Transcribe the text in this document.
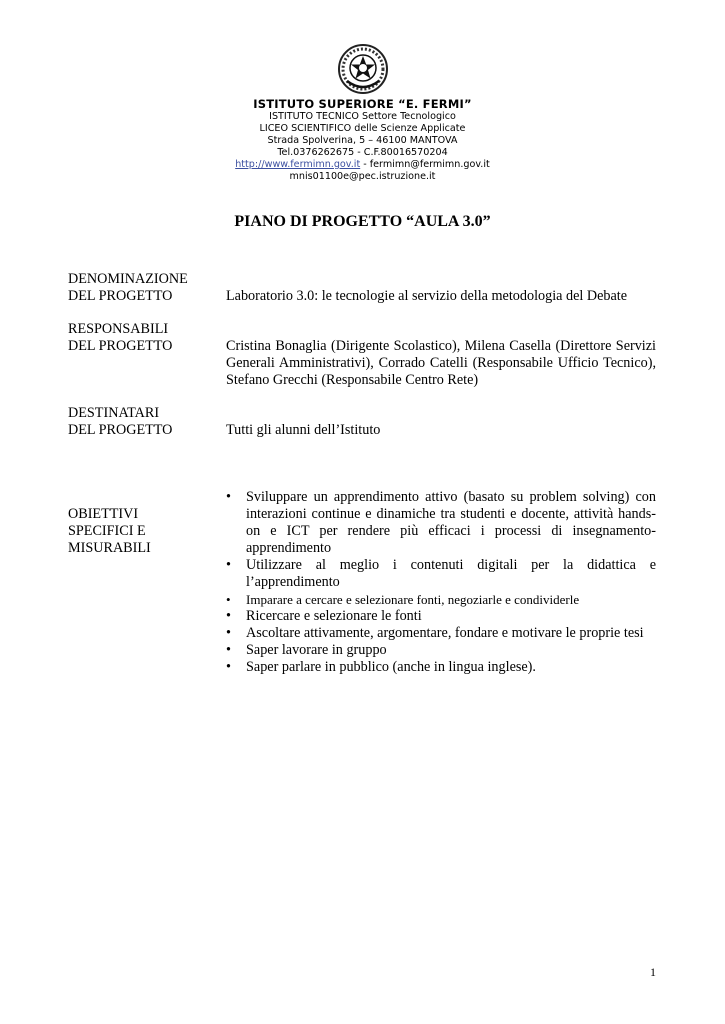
ISTITUTO SUPERIORE “E. FERMI”
ISTITUTO TECNICO Settore Tecnologico
LICEO SCIENTIFICO delle Scienze Applicate
Strada Spolverina, 5 – 46100 MANTOVA
Tel.0376262675 - C.F.80016570204
http://www.fermimn.gov.it - fermimn@fermimn.gov.it
mnis01100e@pec.istruzione.it
PIANO DI PROGETTO “AULA 3.0”
DENOMINAZIONE
DEL PROGETTO	Laboratorio 3.0: le tecnologie al servizio della metodologia del Debate
RESPONSABILI
DEL PROGETTO	Cristina Bonaglia (Dirigente Scolastico), Milena Casella (Direttore Servizi Generali Amministrativi), Corrado Catelli (Responsabile Ufficio Tecnico), Stefano Grecchi (Responsabile Centro Rete)
DESTINATARI
DEL PROGETTO	Tutti gli alunni dell’Istituto
OBIETTIVI
SPECIFICI E
MISURABILI
•	Sviluppare un apprendimento attivo (basato su problem solving) con interazioni continue e dinamiche tra studenti e docente, attività hands-on e ICT per rendere più efficaci i processi di insegnamento-apprendimento
•	Utilizzare al meglio i contenuti digitali per la didattica e l’apprendimento
•	Imparare a cercare e selezionare fonti, negoziarle e condividerle
•	Ricercare e selezionare le fonti
•	Ascoltare attivamente, argomentare, fondare e motivare le proprie tesi
•	Saper lavorare in gruppo
•	Saper parlare in pubblico (anche in lingua inglese).
1
